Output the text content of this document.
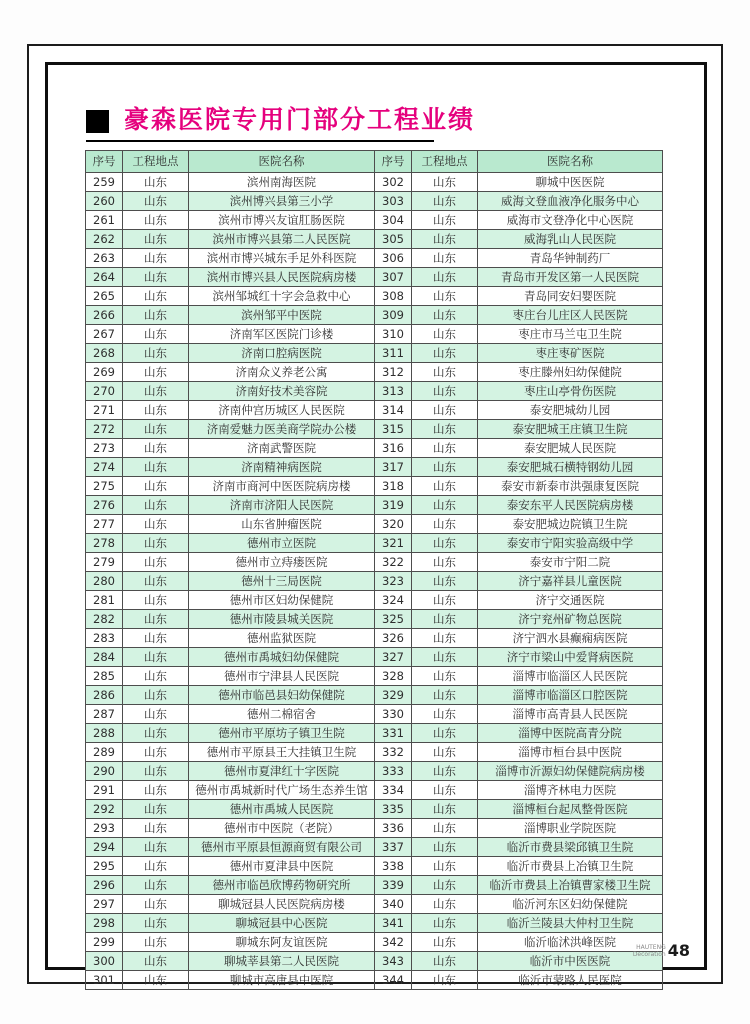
豪森医院专用门部分工程业绩
序号	工程地点	医院名称	序号	工程地点	医院名称
259	山东	滨州南海医院	302	山东	聊城中医医院
260	山东	滨州博兴县第三小学	303	山东	威海文登血液净化服务中心
261	山东	滨州市博兴友谊肛肠医院	304	山东	威海市文登净化中心医院
262	山东	滨州市博兴县第二人民医院	305	山东	威海乳山人民医院
263	山东	滨州市博兴城东手足外科医院	306	山东	青岛华钟制药厂
264	山东	滨州市博兴县人民医院病房楼	307	山东	青岛市开发区第一人民医院
265	山东	滨州邹城红十字会急救中心	308	山东	青岛同安妇婴医院
266	山东	滨州邹平中医院	309	山东	枣庄台儿庄区人民医院
267	山东	济南军区医院门诊楼	310	山东	枣庄市马兰屯卫生院
268	山东	济南口腔病医院	311	山东	枣庄枣矿医院
269	山东	济南众义养老公寓	312	山东	枣庄滕州妇幼保健院
270	山东	济南好技术美容院	313	山东	枣庄山亭骨伤医院
271	山东	济南仲宫历城区人民医院	314	山东	泰安肥城幼儿园
272	山东	济南爱魅力医美商学院办公楼	315	山东	泰安肥城王庄镇卫生院
273	山东	济南武警医院	316	山东	泰安肥城人民医院
274	山东	济南精神病医院	317	山东	泰安肥城石横特钢幼儿园
275	山东	济南市商河中医医院病房楼	318	山东	泰安市新泰市洪强康复医院
276	山东	济南市济阳人民医院	319	山东	泰安东平人民医院病房楼
277	山东	山东省肿瘤医院	320	山东	泰安肥城边院镇卫生院
278	山东	德州市立医院	321	山东	泰安市宁阳实验高级中学
279	山东	德州市立痔瘘医院	322	山东	泰安市宁阳二院
280	山东	德州十三局医院	323	山东	济宁嘉祥县儿童医院
281	山东	德州市区妇幼保健院	324	山东	济宁交通医院
282	山东	德州市陵县城关医院	325	山东	济宁兖州矿物总医院
283	山东	德州监狱医院	326	山东	济宁泗水县癫痫病医院
284	山东	德州市禹城妇幼保健院	327	山东	济宁市梁山中爱肾病医院
285	山东	德州市宁津县人民医院	328	山东	淄博市临淄区人民医院
286	山东	德州市临邑县妇幼保健院	329	山东	淄博市临淄区口腔医院
287	山东	德州二棉宿舍	330	山东	淄博市高青县人民医院
288	山东	德州市平原坊子镇卫生院	331	山东	淄博中医院高青分院
289	山东	德州市平原县王大挂镇卫生院	332	山东	淄博市桓台县中医院
290	山东	德州市夏津红十字医院	333	山东	淄博市沂源妇幼保健院病房楼
291	山东	德州市禹城新时代广场生态养生馆	334	山东	淄博齐林电力医院
292	山东	德州市禹城人民医院	335	山东	淄博桓台起凤整骨医院
293	山东	德州市中医院（老院）	336	山东	淄博职业学院医院
294	山东	德州市平原县恒源商贸有限公司	337	山东	临沂市费县梁邱镇卫生院
295	山东	德州市夏津县中医院	338	山东	临沂市费县上冶镇卫生院
296	山东	德州市临邑欣博药物研究所	339	山东	临沂市费县上冶镇曹家楼卫生院
297	山东	聊城冠县人民医院病房楼	340	山东	临沂河东区妇幼保健院
298	山东	聊城冠县中心医院	341	山东	临沂兰陵县大仲村卫生院
299	山东	聊城东阿友谊医院	342	山东	临沂临沭洪峰医院
300	山东	聊城莘县第二人民医院	343	山东	临沂市中医医院
301	山东	聊城市高唐县中医院	344	山东	临沂市蒙路人民医院
HAUTENG
Decoration 48
